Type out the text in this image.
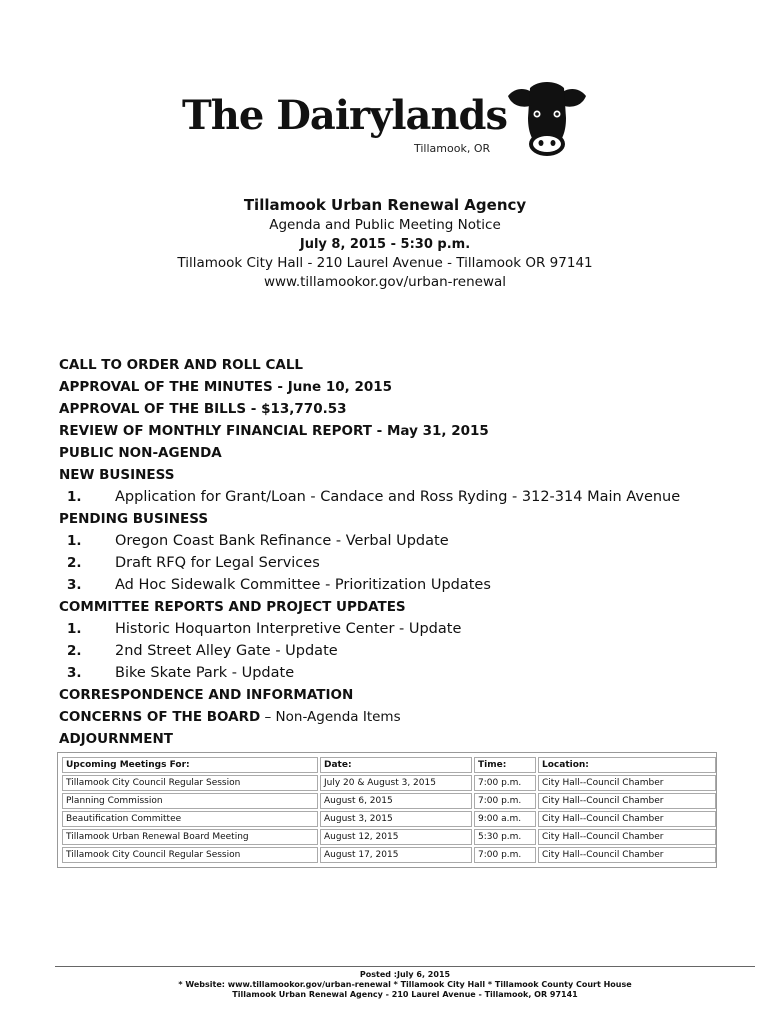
The Dairylands
Tillamook, OR
Tillamook Urban Renewal Agency
Agenda and Public Meeting Notice
July 8, 2015 - 5:30 p.m.
Tillamook City Hall - 210 Laurel Avenue - Tillamook OR 97141
www.tillamookor.gov/urban-renewal
CALL TO ORDER AND ROLL CALL
APPROVAL OF THE MINUTES - June 10, 2015
APPROVAL OF THE BILLS - $13,770.53
REVIEW OF MONTHLY FINANCIAL REPORT - May 31, 2015
PUBLIC NON-AGENDA
NEW BUSINESS
1. Application for Grant/Loan - Candace and Ross Ryding - 312-314 Main Avenue
PENDING BUSINESS
1. Oregon Coast Bank Refinance - Verbal Update
2. Draft RFQ for Legal Services
3. Ad Hoc Sidewalk Committee - Prioritization Updates
COMMITTEE REPORTS AND PROJECT UPDATES
1. Historic Hoquarton Interpretive Center - Update
2. 2nd Street Alley Gate - Update
3. Bike Skate Park - Update
CORRESPONDENCE AND INFORMATION
CONCERNS OF THE BOARD – Non-Agenda Items
ADJOURNMENT
Upcoming Meetings For:	Date:	Time:	Location:
Tillamook City Council Regular Session	July 20 & August 3, 2015	7:00 p.m.	City Hall--Council Chamber
Planning Commission	August 6, 2015	7:00 p.m.	City Hall--Council Chamber
Beautification Committee	August 3, 2015	9:00 a.m.	City Hall--Council Chamber
Tillamook Urban Renewal Board Meeting	August 12, 2015	5:30 p.m.	City Hall--Council Chamber
Tillamook City Council Regular Session	August 17, 2015	7:00 p.m.	City Hall--Council Chamber
Posted :July 6, 2015
* Website: www.tillamookor.gov/urban-renewal * Tillamook City Hall * Tillamook County Court House
Tillamook Urban Renewal Agency - 210 Laurel Avenue - Tillamook, OR 97141
